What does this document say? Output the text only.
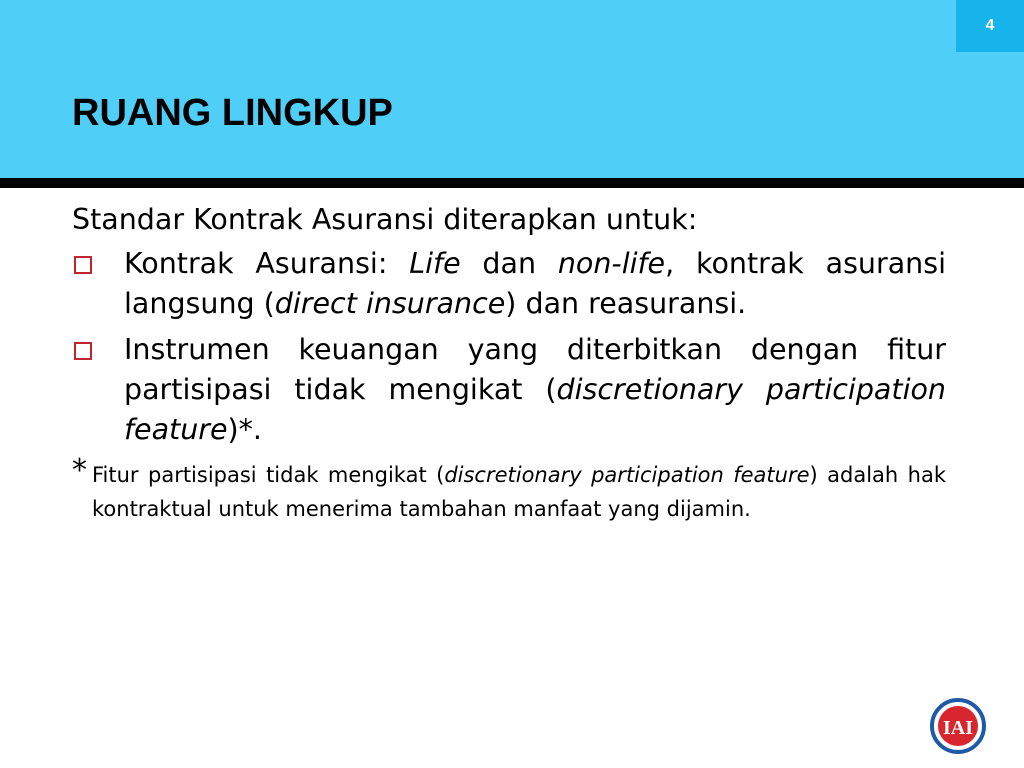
4
RUANG LINGKUP
Standar Kontrak Asuransi diterapkan untuk:
Kontrak Asuransi: Life dan non-life, kontrak asuransi langsung (direct insurance) dan reasuransi.
Instrumen keuangan yang diterbitkan dengan fitur partisipasi tidak mengikat (discretionary participation feature)*.
* Fitur partisipasi tidak mengikat (discretionary participation feature) adalah hak kontraktual untuk menerima tambahan manfaat yang dijamin.
IAI
